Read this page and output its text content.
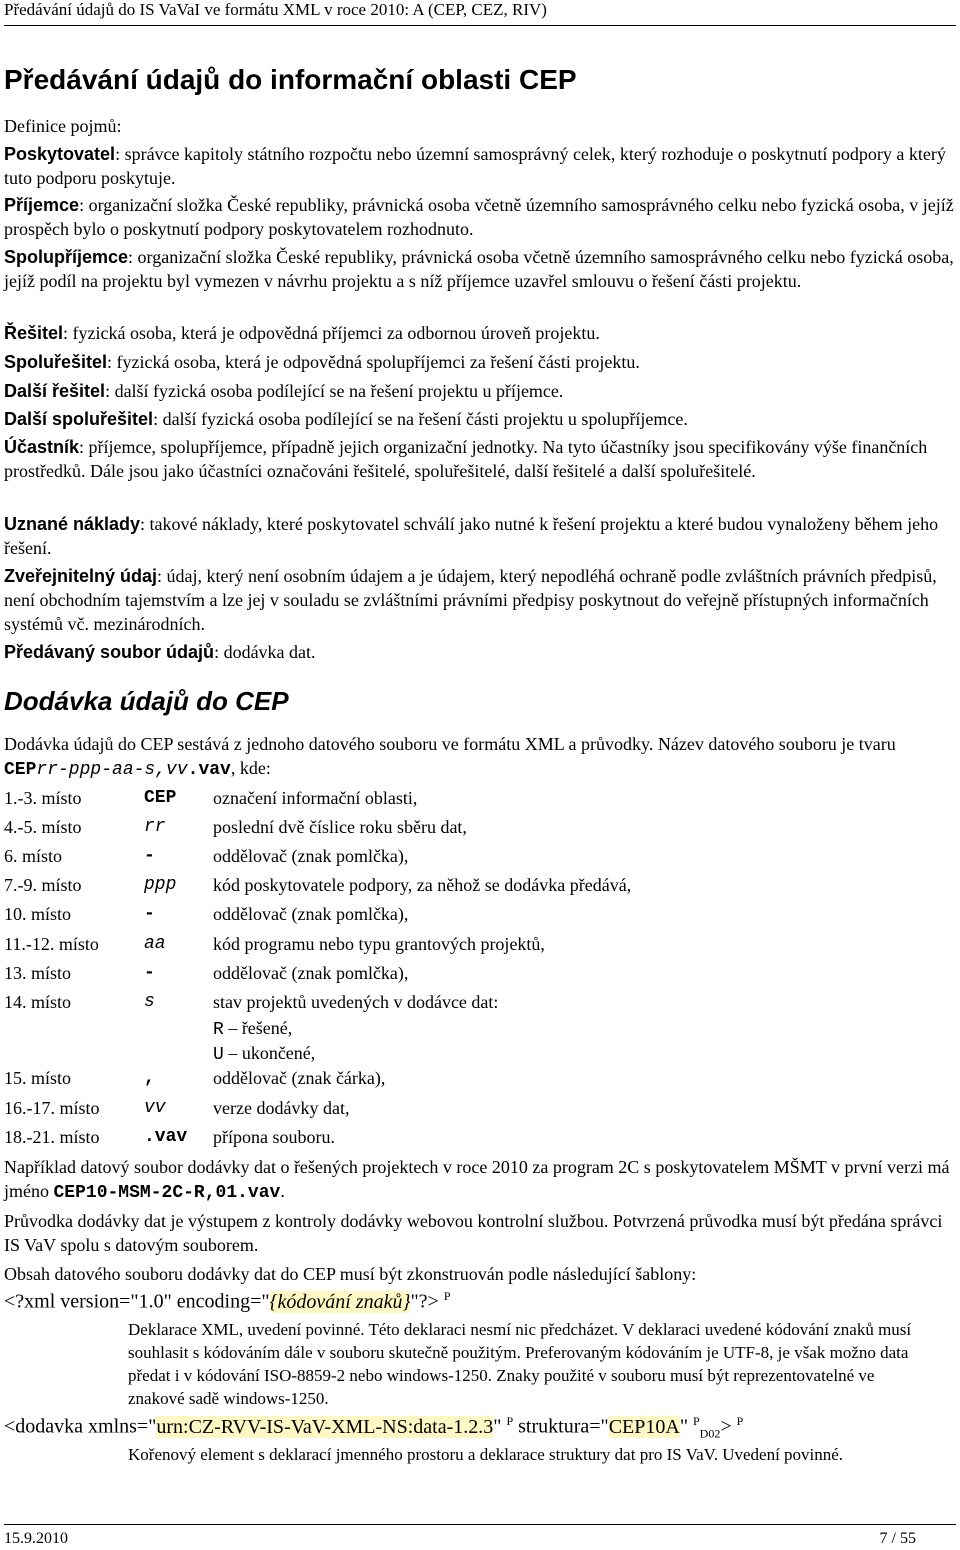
Předávání údajů do IS VaVaI ve formátu XML v roce 2010: A (CEP, CEZ, RIV)
Předávání údajů do informační oblasti CEP
Definice pojmů:
Poskytovatel: správce kapitoly státního rozpočtu nebo územní samosprávný celek, který rozhoduje o poskytnutí podpory a který tuto podporu poskytuje.
Příjemce: organizační složka České republiky, právnická osoba včetně územního samosprávného celku nebo fyzická osoba, v jejíž prospěch bylo o poskytnutí podpory poskytovatelem rozhodnuto.
Spolupříjemce: organizační složka České republiky, právnická osoba včetně územního samosprávného celku nebo fyzická osoba, jejíž podíl na projektu byl vymezen v návrhu projektu a s níž příjemce uzavřel smlouvu o řešení části projektu.
Řešitel: fyzická osoba, která je odpovědná příjemci za odbornou úroveň projektu.
Spoluřešitel: fyzická osoba, která je odpovědná spolupříjemci za řešení části projektu.
Další řešitel: další fyzická osoba podílející se na řešení projektu u příjemce.
Další spoluřešitel: další fyzická osoba podílející se na řešení části projektu u spolupříjemce.
Účastník: příjemce, spolupříjemce, případně jejich organizační jednotky. Na tyto účastníky jsou specifikovány výše finančních prostředků. Dále jsou jako účastníci označováni řešitelé, spoluřešitelé, další řešitelé a další spoluřešitelé.
Uznané náklady: takové náklady, které poskytovatel schválí jako nutné k řešení projektu a které budou vynaloženy během jeho řešení.
Zveřejnitelný údaj: údaj, který není osobním údajem a je údajem, který nepodléhá ochraně podle zvláštních právních předpisů, není obchodním tajemstvím a lze jej v souladu se zvláštními právními předpisy poskytnout do veřejně přístupných informačních systémů vč. mezinárodních.
Předávaný soubor údajů: dodávka dat.
Dodávka údajů do CEP
Dodávka údajů do CEP sestává z jednoho datového souboru ve formátu XML a průvodky. Název datového souboru je tvaru CEPrr-ppp-aa-s,vv.vav, kde:
1.-3. místo	CEP označení informační oblasti,
4.-5. místo	rr	poslední dvě číslice roku sběru dat,
6. místo	-	oddělovač (znak pomlčka),
7.-9. místo	ppp kód poskytovatele podpory, za něhož se dodávka předává,
10. místo	-	oddělovač (znak pomlčka),
11.-12. místo	aa	kód programu nebo typu grantových projektů,
13. místo	-	oddělovač (znak pomlčka),
14. místo	s	stav projektů uvedených v dodávce dat:
R – řešené,
U – ukončené,
15. místo	,	oddělovač (znak čárka),
16.-17. místo vv	verze dodávky dat,
18.-21. místo .vav přípona souboru.
Například datový soubor dodávky dat o řešených projektech v roce 2010 za program 2C s poskytovatelem MŠMT v první verzi má jméno CEP10-MSM-2C-R,01.vav.
Průvodka dodávky dat je výstupem z kontroly dodávky webovou kontrolní službou. Potvrzená průvodka musí být předána správci IS VaV spolu s datovým souborem.
Obsah datového souboru dodávky dat do CEP musí být zkonstruován podle následující šablony:
<?xml version="1.0" encoding="{kódování znaků}"?> $^P$
Deklarace XML, uvedení povinné. Této deklaraci nesmí nic předcházet. V deklaraci uvedené kódování znaků musí souhlasit s kódováním dále v souboru skutečně použitým. Preferovaným kódováním je UTF-8, je však možno data předat i v kódování ISO-8859-2 nebo windows-1250. Znaky použité v souboru musí být reprezentovatelné ve znakové sadě windows-1250.
<dodavka xmlns="urn:CZ-RVV-IS-VaV-XML-NS:data-1.2.3" $^P$ struktura="CEP10A" $^P_{D02}$> $^P$
Kořenový element s deklarací jmenného prostoru a deklarace struktury dat pro IS VaV. Uvedení povinné.
15.9.2010	7 / 55
